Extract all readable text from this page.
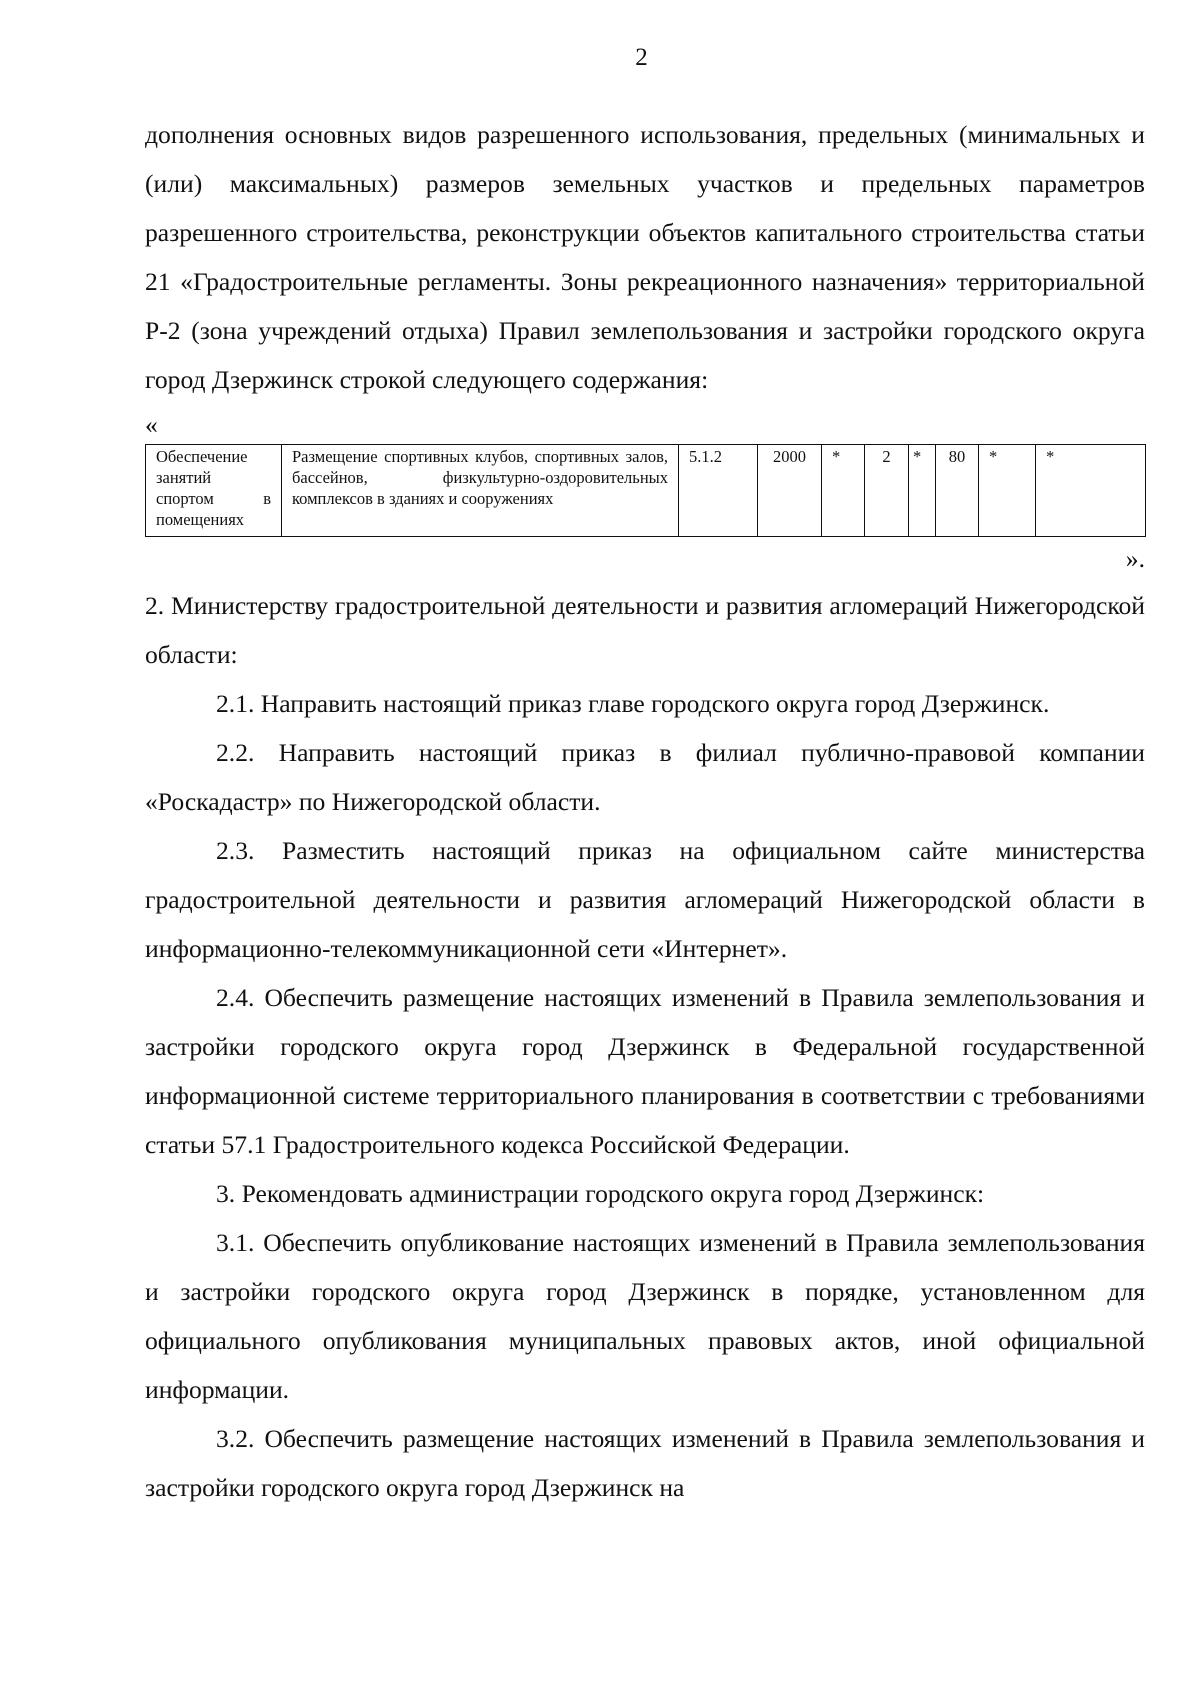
2

дополнения основных видов разрешенного использования, предельных (минимальных и (или) максимальных) размеров земельных участков и предельных параметров разрешенного строительства, реконструкции объектов капитального строительства статьи 21 «Градостроительные регламенты. Зоны рекреационного назначения» территориальной Р-2 (зона учреждений отдыха) Правил землепользования и застройки городского округа город Дзержинск строкой следующего содержания:

«
Обеспечение занятий спортом в помещениях	Размещение спортивных клубов, спортивных залов, бассейнов, физкультурно-оздоровительных комплексов в зданиях и сооружениях	5.1.2	2000	*	2	*	80	*	*
».

2. Министерству градостроительной деятельности и развития агломераций Нижегородской области:

2.1. Направить настоящий приказ главе городского округа город Дзержинск.

2.2. Направить настоящий приказ в филиал публично-правовой компании «Роскадастр» по Нижегородской области.

2.3. Разместить настоящий приказ на официальном сайте министерства градостроительной деятельности и развития агломераций Нижегородской области в информационно-телекоммуникационной сети «Интернет».

2.4. Обеспечить размещение настоящих изменений в Правила землепользования и застройки городского округа город Дзержинск в Федеральной государственной информационной системе территориального планирования в соответствии с требованиями статьи 57.1 Градостроительного кодекса Российской Федерации.

3. Рекомендовать администрации городского округа город Дзержинск:

3.1. Обеспечить опубликование настоящих изменений в Правила землепользования и застройки городского округа город Дзержинск в порядке, установленном для официального опубликования муниципальных правовых актов, иной официальной информации.

3.2. Обеспечить размещение настоящих изменений в Правила землепользования и застройки городского округа город Дзержинск на
